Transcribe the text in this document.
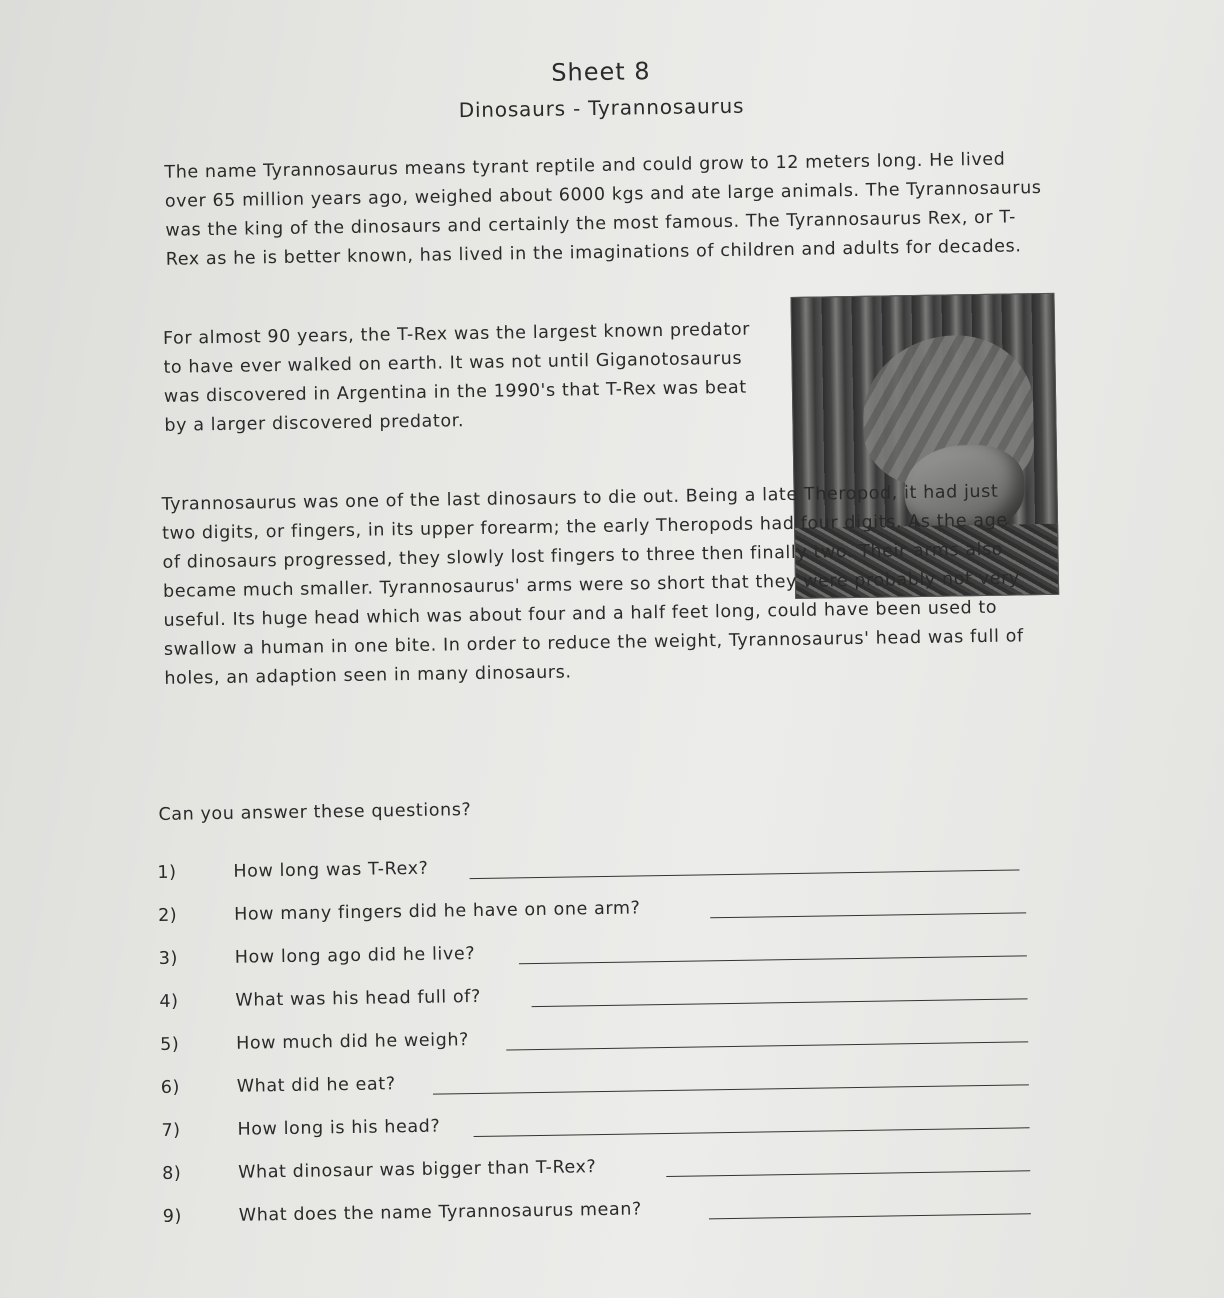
Sheet 8
Dinosaurs - Tyrannosaurus

The name Tyrannosaurus means tyrant reptile and could grow to 12 meters long. He lived over 65 million years ago, weighed about 6000 kgs and ate large animals. The Tyrannosaurus was the king of the dinosaurs and certainly the most famous. The Tyrannosaurus Rex, or T-Rex as he is better known, has lived in the imaginations of children and adults for decades.

For almost 90 years, the T-Rex was the largest known predator to have ever walked on earth. It was not until Giganotosaurus was discovered in Argentina in the 1990's that T-Rex was beat by a larger discovered predator.

Tyrannosaurus was one of the last dinosaurs to die out. Being a late Theropod, it had just two digits, or fingers, in its upper forearm; the early Theropods had four digits. As the age of dinosaurs progressed, they slowly lost fingers to three then finally two. Their arms also became much smaller. Tyrannosaurus' arms were so short that they were probably not very useful. Its huge head which was about four and a half feet long, could have been used to swallow a human in one bite. In order to reduce the weight, Tyrannosaurus' head was full of holes, an adaption seen in many dinosaurs.

Can you answer these questions?
1)	How long was T-Rex?
2)	How many fingers did he have on one arm?
3)	How long ago did he live?
4)	What was his head full of?
5)	How much did he weigh?
6)	What did he eat?
7)	How long is his head?
8)	What dinosaur was bigger than T-Rex?
9)	What does the name Tyrannosaurus mean?
